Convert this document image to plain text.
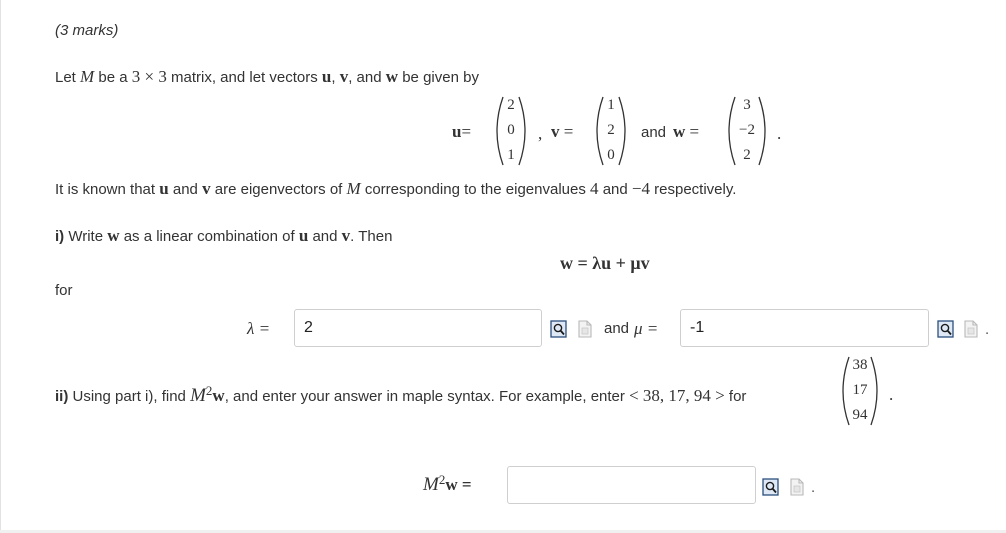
(3 marks)
Let M be a 3 × 3 matrix, and let vectors u, v, and w be given by
u=
2
0
1
, v =
1
2
0
and w =
3
−2
2
.
It is known that u and v are eigenvectors of M corresponding to the eigenvalues 4 and −4 respectively.
i) Write w as a linear combination of u and v. Then
w = λu + μv
for
λ =
2	and μ =
-1	.
ii) Using part i), find $M^2w$, and enter your answer in maple syntax. For example, enter < 38, 17, 94 > for
38
17
94
.
$M^2w$ =	.
